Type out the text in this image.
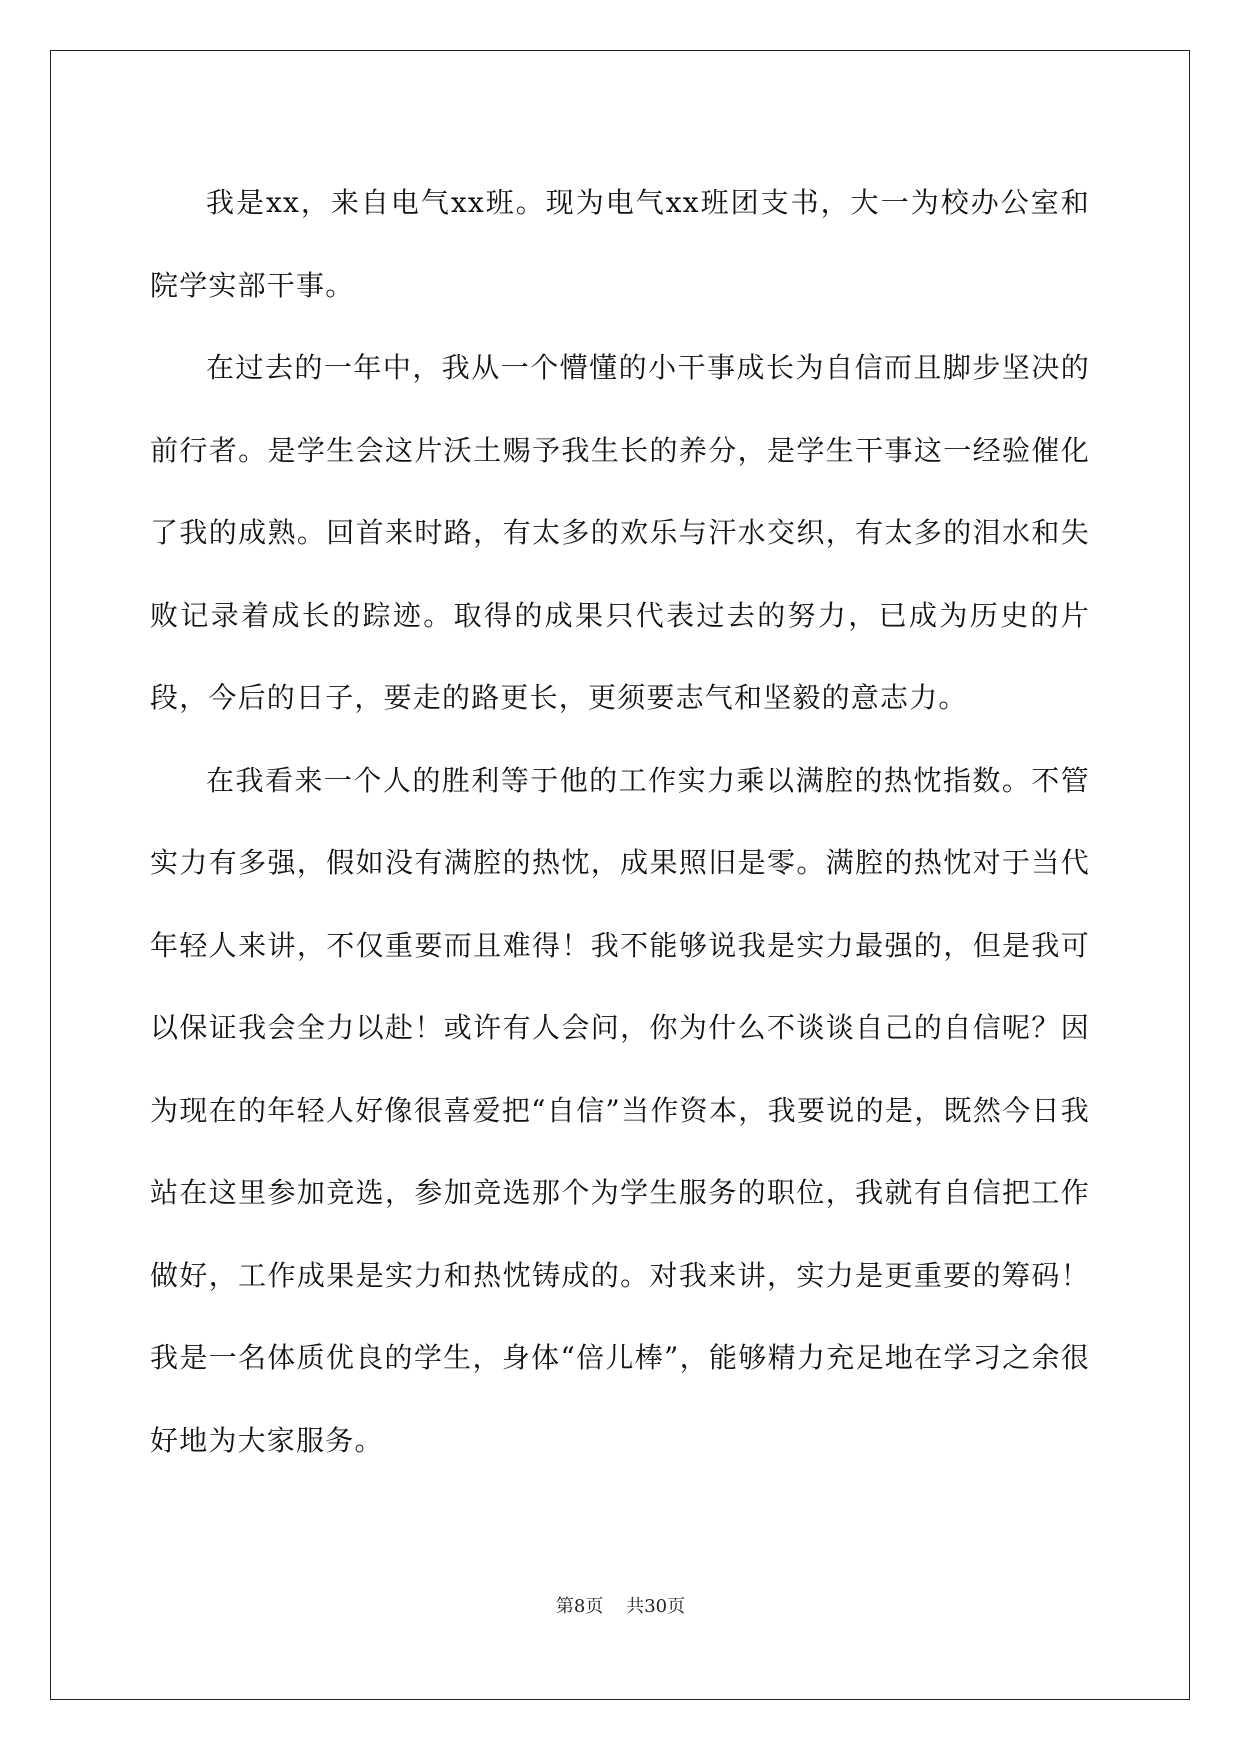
我是xx，来自电气xx班。现为电气xx班团支书，大一为校办公室和院学实部干事。

在过去的一年中，我从一个懵懂的小干事成长为自信而且脚步坚决的前行者。是学生会这片沃土赐予我生长的养分，是学生干事这一经验催化了我的成熟。回首来时路，有太多的欢乐与汗水交织，有太多的泪水和失败记录着成长的踪迹。取得的成果只代表过去的努力，已成为历史的片段，今后的日子，要走的路更长，更须要志气和坚毅的意志力。

在我看来一个人的胜利等于他的工作实力乘以满腔的热忱指数。不管实力有多强，假如没有满腔的热忱，成果照旧是零。满腔的热忱对于当代年轻人来讲，不仅重要而且难得！我不能够说我是实力最强的，但是我可以保证我会全力以赴！或许有人会问，你为什么不谈谈自己的自信呢？因为现在的年轻人好像很喜爱把“自信”当作资本，我要说的是，既然今日我站在这里参加竞选，参加竞选那个为学生服务的职位，我就有自信把工作做好，工作成果是实力和热忱铸成的。对我来讲，实力是更重要的筹码！我是一名体质优良的学生，身体“倍儿棒”，能够精力充足地在学习之余很好地为大家服务。

第8页    共30页
